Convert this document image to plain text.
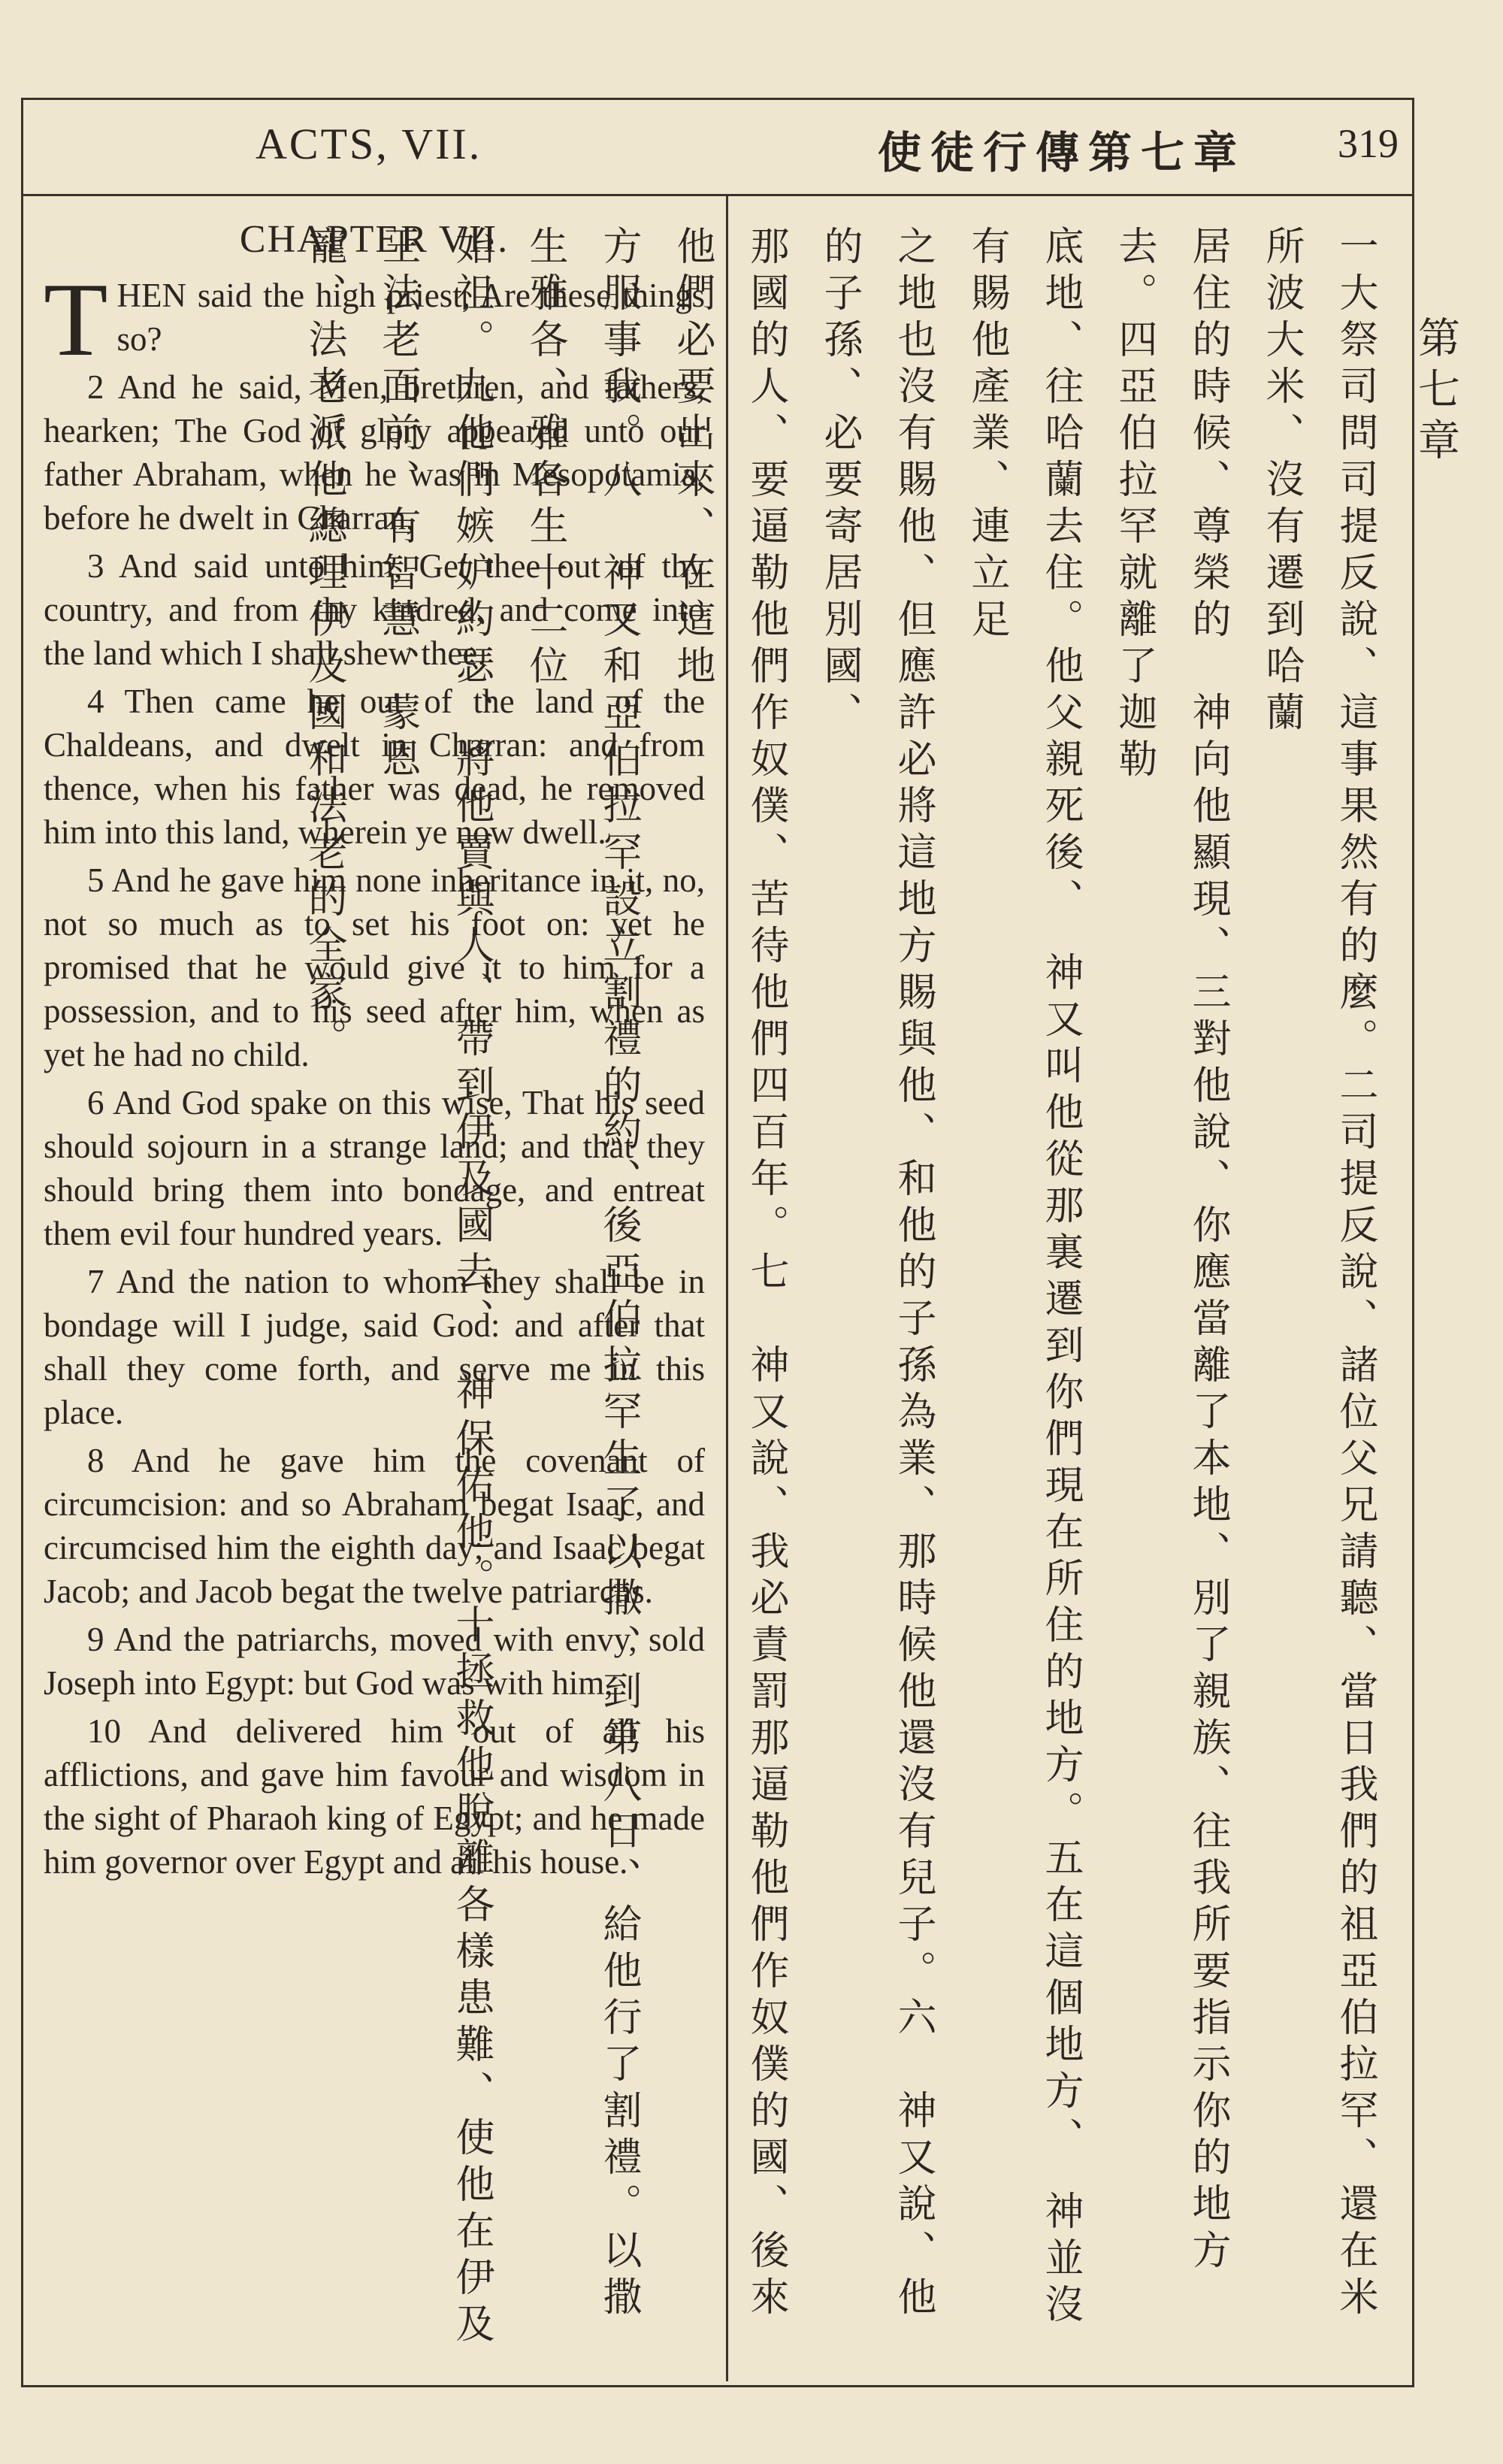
ACTS, VII.	使徒行傳第七章 319
CHAPTER VII.

THEN said the high priest, Are these things so?

2 And he said, Men, brethren, and fathers, hearken; The God of glory appeared unto our father Abraham, when he was in Mesopotamia, before he dwelt in Charran,

3 And said unto him, Get thee out of thy country, and from thy kindred, and come into the land which I shall shew thee.

4 Then came he out of the land of the Chaldeans, and dwelt in Charran: and from thence, when his father was dead, he removed him into this land, wherein ye now dwell.

5 And he gave him none inheritance in it, no, not so much as to set his foot on: yet he promised that he would give it to him for a possession, and to his seed after him, when as yet he had no child.

6 And God spake on this wise, That his seed should sojourn in a strange land; and that they should bring them into bondage, and entreat them evil four hundred years.

7 And the nation to whom they shall be in bondage will I judge, said God: and after that shall they come forth, and serve me in this place.

8 And he gave him the covenant of circumcision: and so Abraham begat Isaac, and circumcised him the eighth day; and Isaac begat Jacob; and Jacob begat the twelve patriarchs.

9 And the patriarchs, moved with envy, sold Joseph into Egypt: but God was with him,

10 And delivered him out of all his afflictions, and gave him favour and wisdom in the sight of Pharaoh king of Egypt; and he made him governor over Egypt and all his house.

第七章
一大祭司問司提反說、這事果然有的麼。二司提反說、諸位父兄請聽、當日我們的祖亞伯拉罕、還在米所波大米、沒有遷到哈蘭
居住的時候、尊榮的　神向他顯現、三對他說、你應當離了本地、別了親族、往我所要指示你的地方去。四亞伯拉罕就離了迦勒
底地、往哈蘭去住。他父親死後、　神又叫他從那裏遷到你們現在所住的地方。五在這個地方、　神並沒有賜他產業、連立足
之地也沒有賜他、但應許必將這地方賜與他、和他的子孫為業、那時候他還沒有兒子。六　神又說、他的子孫、必要寄居別國、
那國的人、要逼勒他們作奴僕、苦待他們四百年。七　神又說、我必責罰那逼勒他們作奴僕的國、後來他們必要出來、在這地
方服事我。八　神又和亞伯拉罕設立割禮的約、後亞伯拉罕生了以撒、到第八日、給他行了割禮。以撒生雅各、雅各生十二位
始祖。九他們嫉妒約瑟、將他賣與人、帶到伊及國去、　神保佑他。十拯救他脫離各樣患難、使他在伊及王法老面前、有智慧、蒙恩
寵、法老派他總理伊及國和法老的全家。
